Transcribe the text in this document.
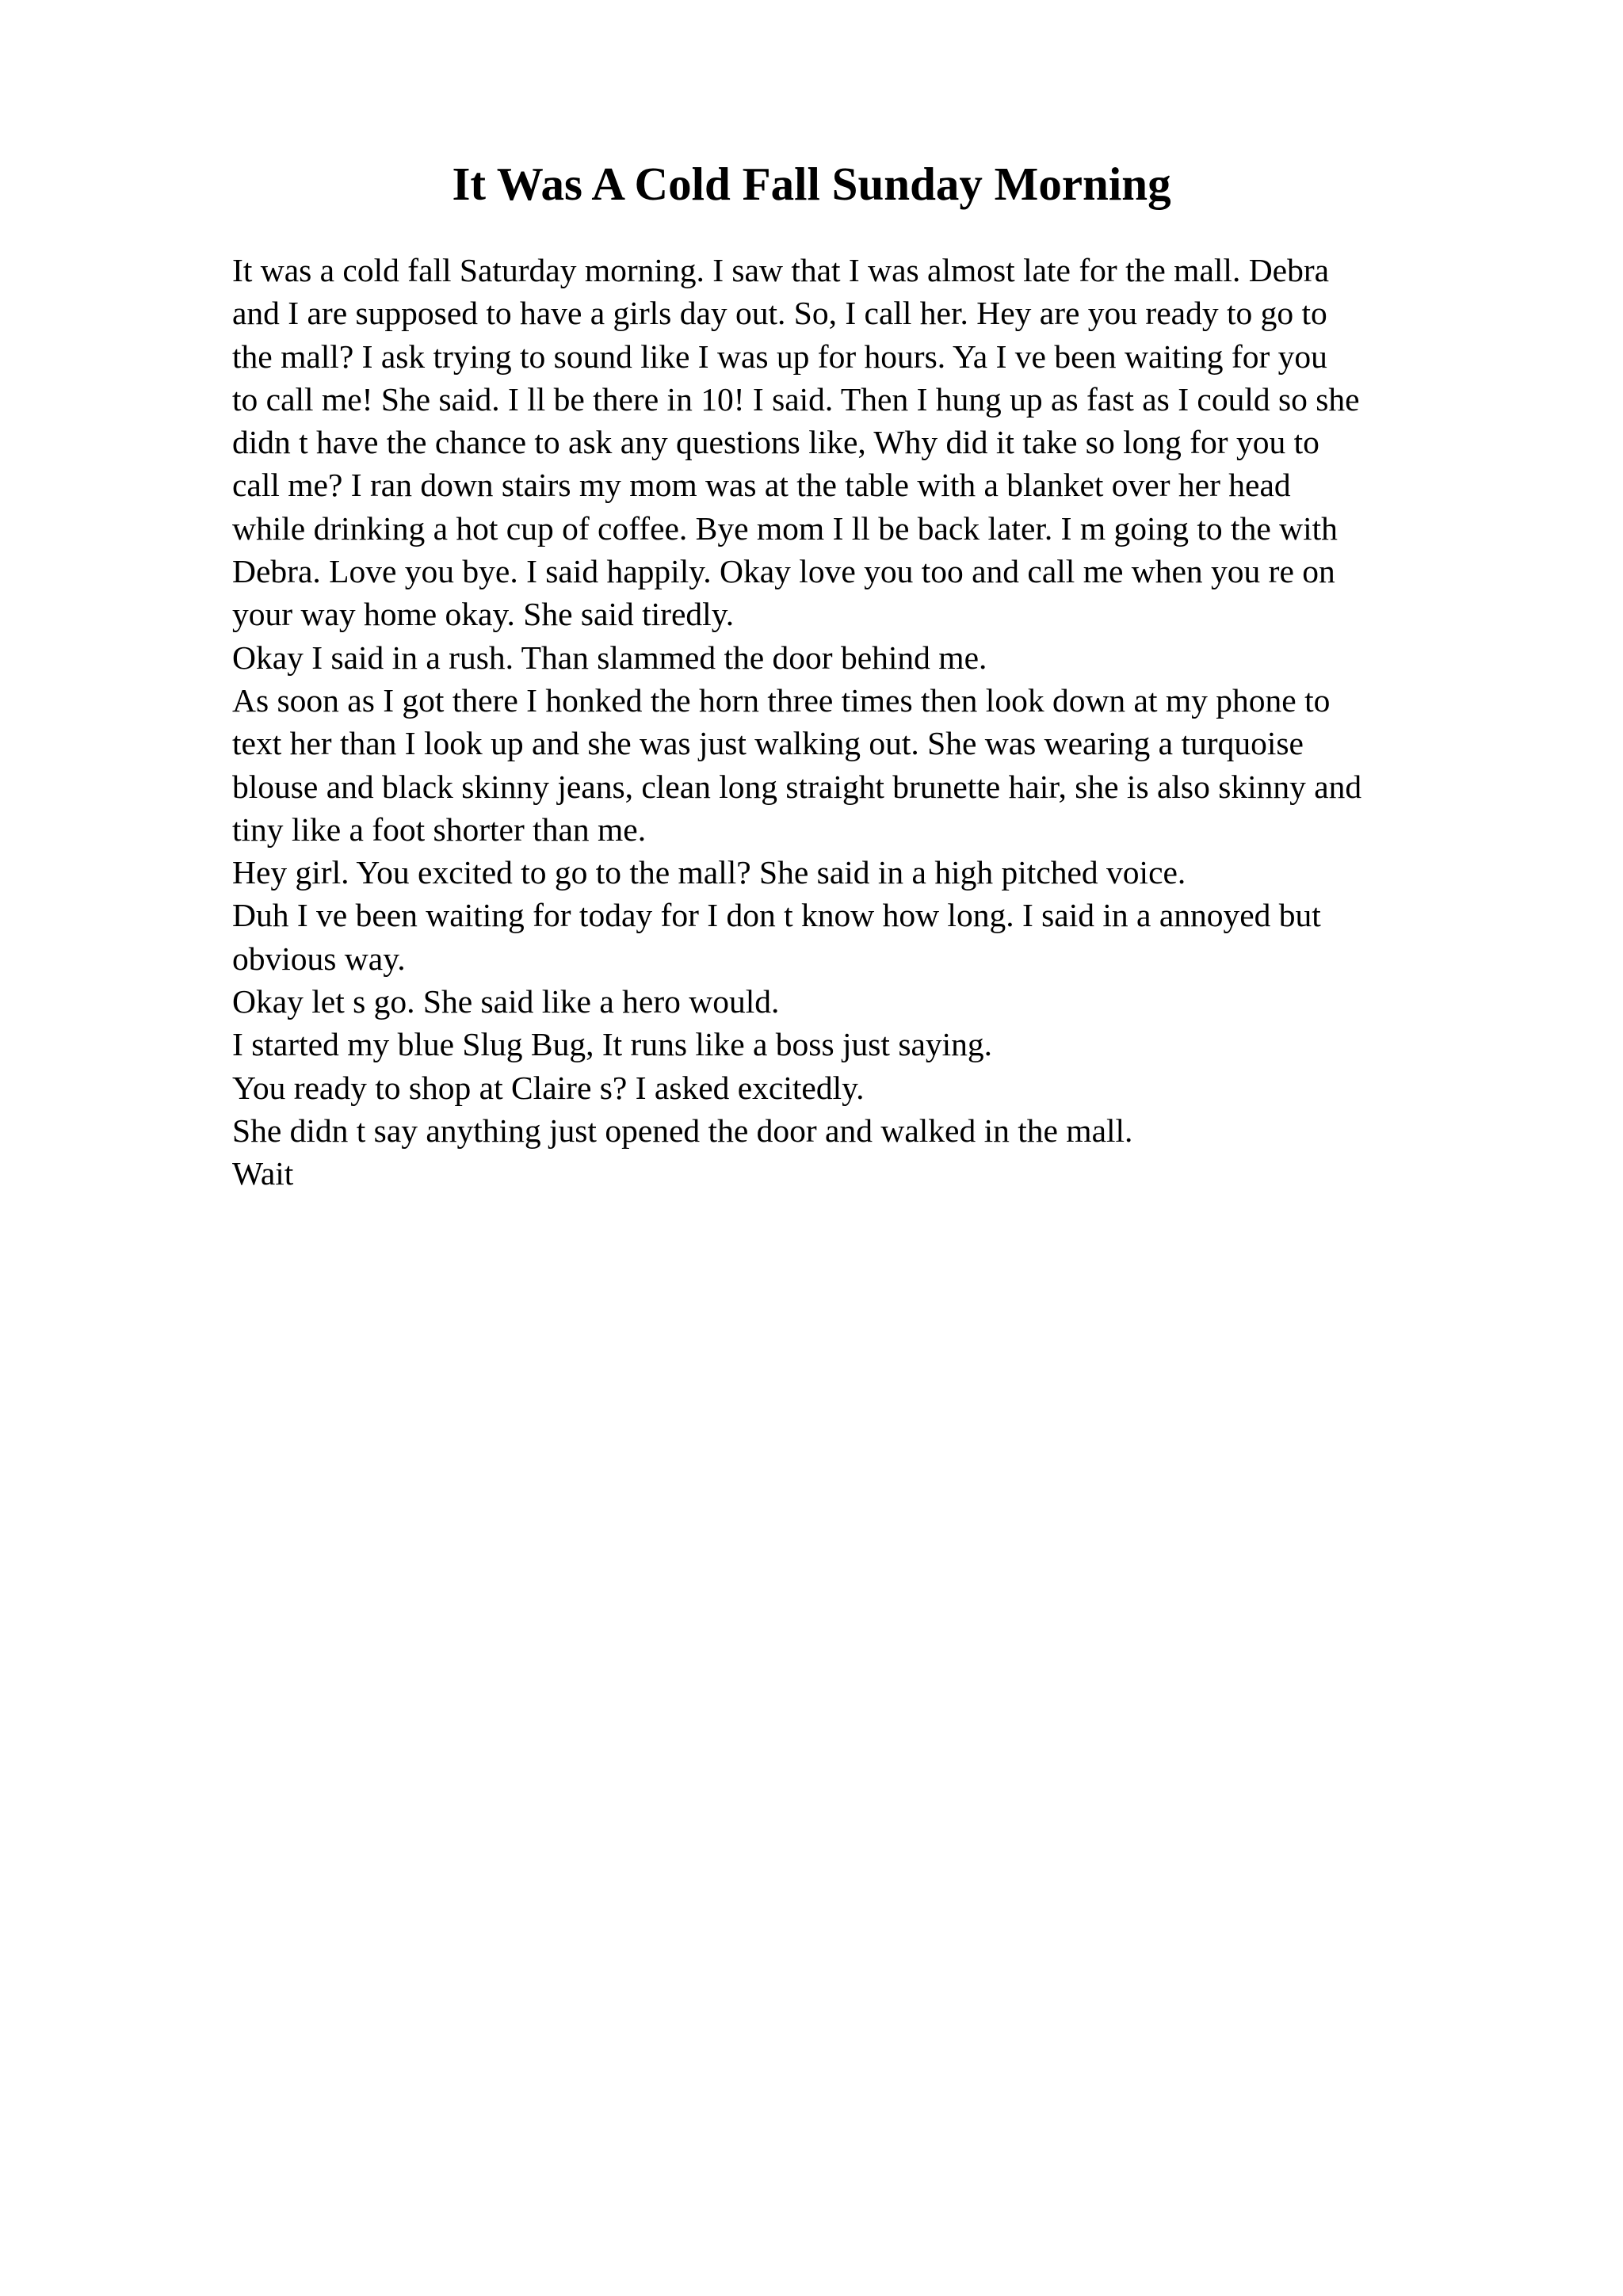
It Was A Cold Fall Sunday Morning
It was a cold fall Saturday morning. I saw that I was almost late for the mall. Debra
and I are supposed to have a girls day out. So, I call her. Hey are you ready to go to
the mall? I ask trying to sound like I was up for hours. Ya I ve been waiting for you
to call me! She said. I ll be there in 10! I said. Then I hung up as fast as I could so she
didn t have the chance to ask any questions like, Why did it take so long for you to
call me? I ran down stairs my mom was at the table with a blanket over her head
while drinking a hot cup of coffee. Bye mom I ll be back later. I m going to the with
Debra. Love you bye. I said happily. Okay love you too and call me when you re on
your way home okay. She said tiredly.
Okay I said in a rush. Than slammed the door behind me.
As soon as I got there I honked the horn three times then look down at my phone to
text her than I look up and she was just walking out. She was wearing a turquoise
blouse and black skinny jeans, clean long straight brunette hair, she is also skinny and
tiny like a foot shorter than me.
Hey girl. You excited to go to the mall? She said in a high pitched voice.
Duh I ve been waiting for today for I don t know how long. I said in a annoyed but
obvious way.
Okay let s go. She said like a hero would.
I started my blue Slug Bug, It runs like a boss just saying.
You ready to shop at Claire s? I asked excitedly.
She didn t say anything just opened the door and walked in the mall.
Wait
